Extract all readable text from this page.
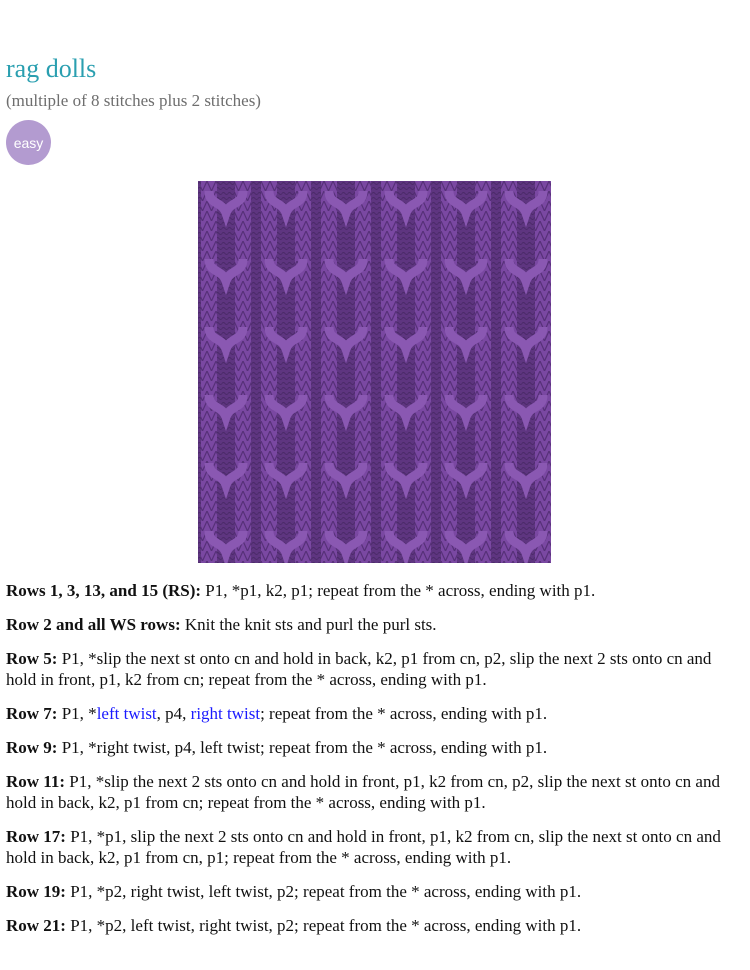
rag dolls
(multiple of 8 stitches plus 2 stitches)
easy

Rows 1, 3, 13, and 15 (RS): P1, *p1, k2, p1; repeat from the * across, ending with p1.

Row 2 and all WS rows: Knit the knit sts and purl the purl sts.

Row 5: P1, *slip the next st onto cn and hold in back, k2, p1 from cn, p2, slip the next 2 sts onto cn and hold in front, p1, k2 from cn; repeat from the * across, ending with p1.

Row 7: P1, *left twist, p4, right twist; repeat from the * across, ending with p1.

Row 9: P1, *right twist, p4, left twist; repeat from the * across, ending with p1.

Row 11: P1, *slip the next 2 sts onto cn and hold in front, p1, k2 from cn, p2, slip the next st onto cn and hold in back, k2, p1 from cn; repeat from the * across, ending with p1.

Row 17: P1, *p1, slip the next 2 sts onto cn and hold in front, p1, k2 from cn, slip the next st onto cn and hold in back, k2, p1 from cn, p1; repeat from the * across, ending with p1.

Row 19: P1, *p2, right twist, left twist, p2; repeat from the * across, ending with p1.

Row 21: P1, *p2, left twist, right twist, p2; repeat from the * across, ending with p1.
